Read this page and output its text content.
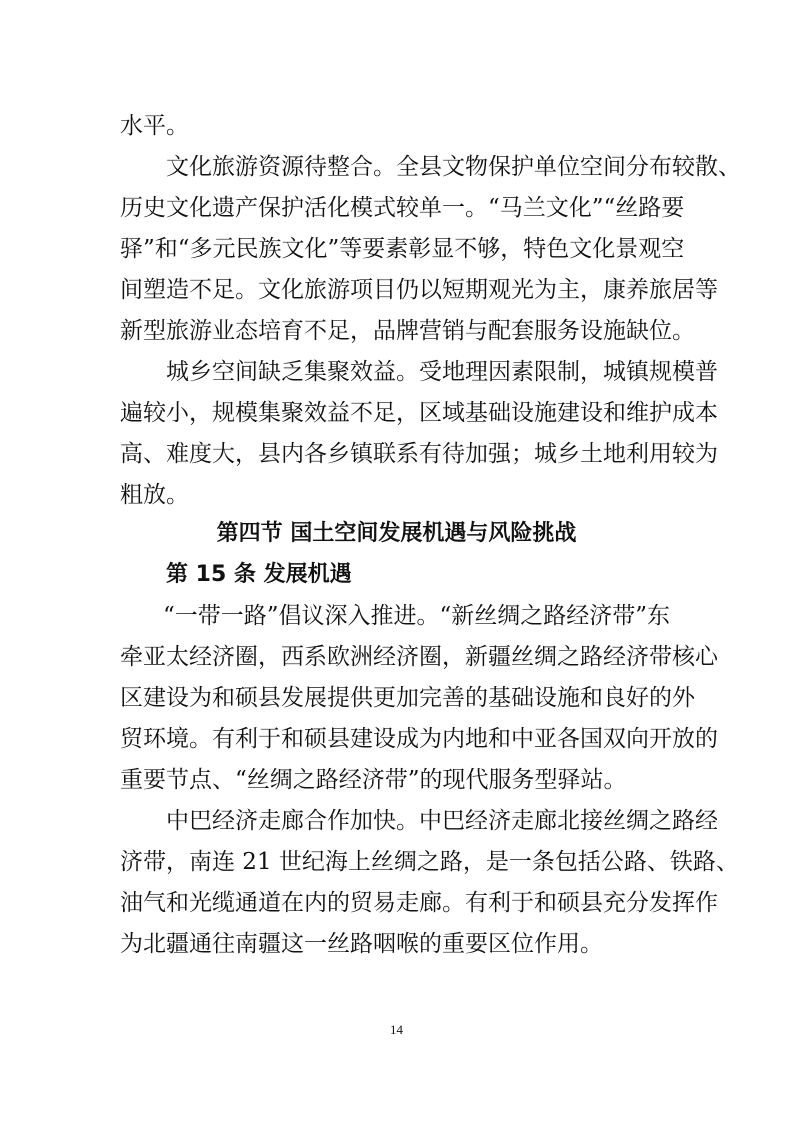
水平。

文化旅游资源待整合。全县文物保护单位空间分布较散、

历史文化遗产保护活化模式较单一。“马兰文化”“丝路要

驿”和“多元民族文化”等要素彰显不够，特色文化景观空

间塑造不足。文化旅游项目仍以短期观光为主，康养旅居等

新型旅游业态培育不足，品牌营销与配套服务设施缺位。

城乡空间缺乏集聚效益。受地理因素限制，城镇规模普

遍较小，规模集聚效益不足，区域基础设施建设和维护成本

高、难度大，县内各乡镇联系有待加强；城乡土地利用较为

粗放。

第四节 国土空间发展机遇与风险挑战
第 15 条 发展机遇

“一带一路”倡议深入推进。“新丝绸之路经济带”东

牵亚太经济圈，西系欧洲经济圈，新疆丝绸之路经济带核心

区建设为和硕县发展提供更加完善的基础设施和良好的外

贸环境。有利于和硕县建设成为内地和中亚各国双向开放的

重要节点、“丝绸之路经济带”的现代服务型驿站。

中巴经济走廊合作加快。中巴经济走廊北接丝绸之路经

济带，南连 21 世纪海上丝绸之路，是一条包括公路、铁路、

油气和光缆通道在内的贸易走廊。有利于和硕县充分发挥作

为北疆通往南疆这一丝路咽喉的重要区位作用。

14
